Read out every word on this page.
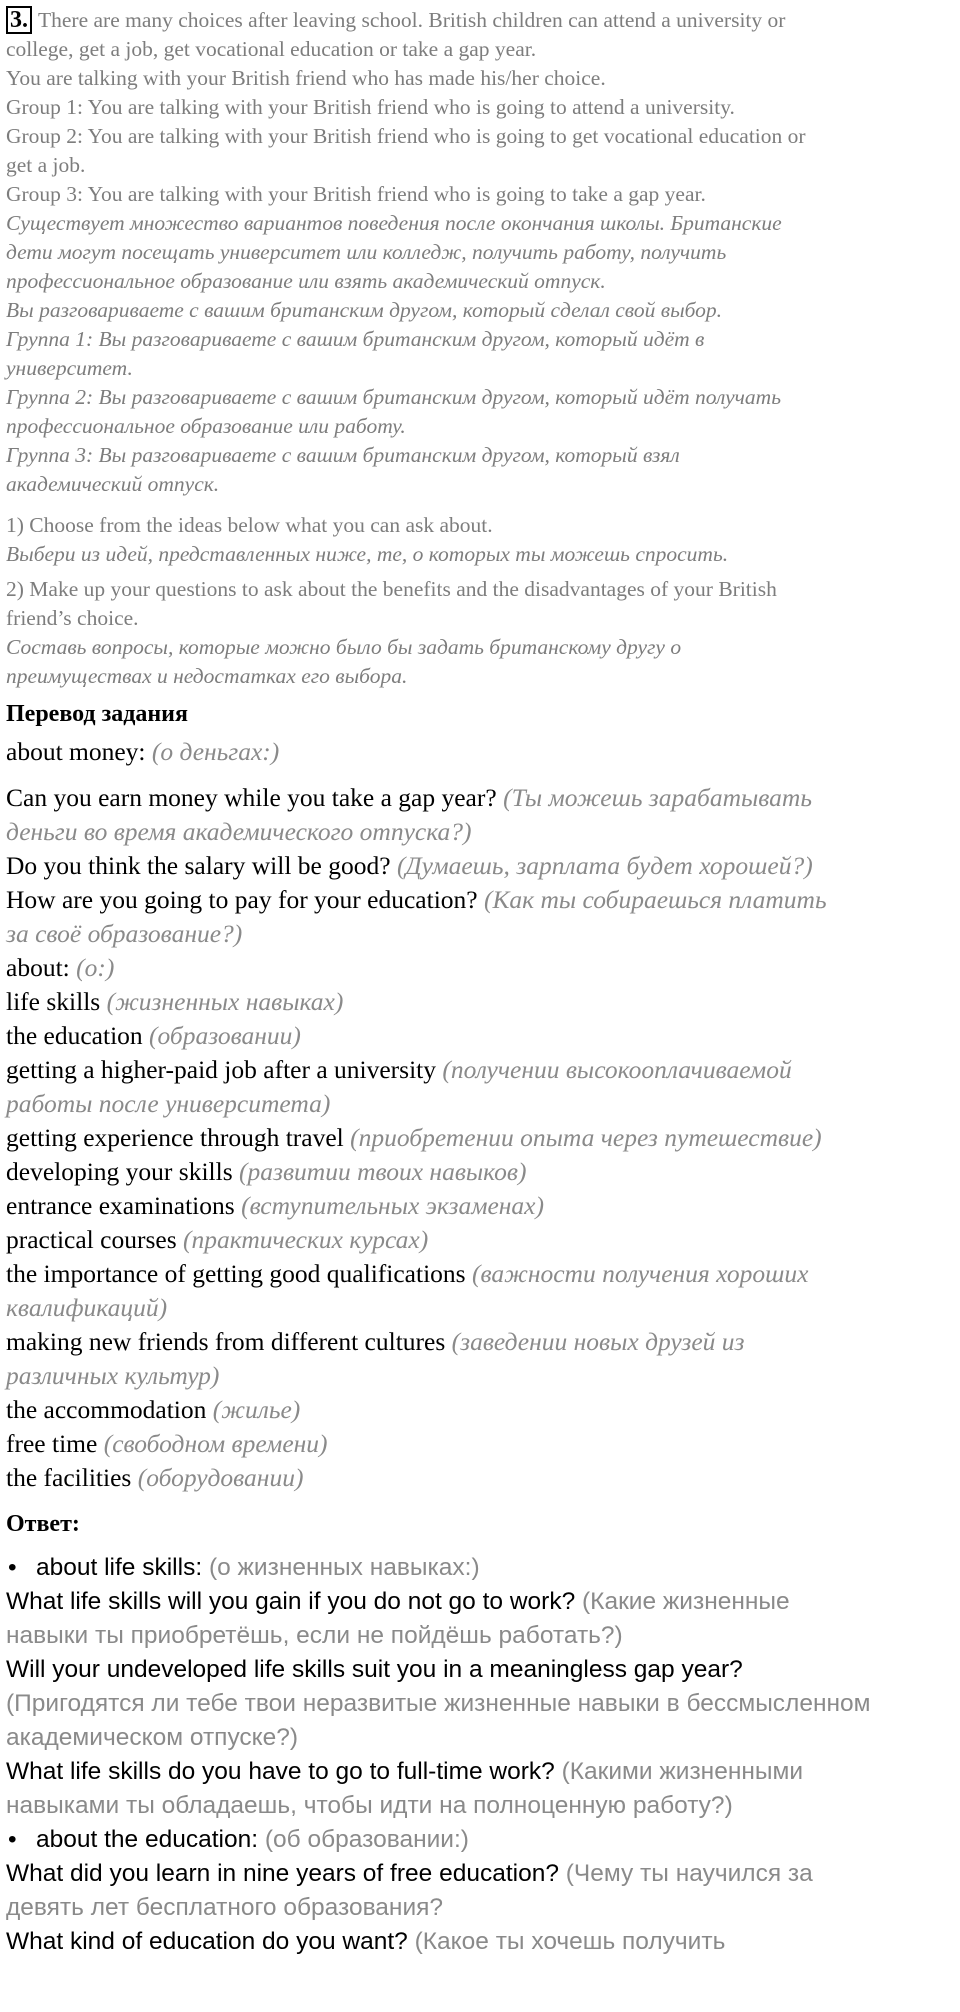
3. There are many choices after leaving school. British children can attend a university or
college, get a job, get vocational education or take a gap year.
You are talking with your British friend who has made his/her choice.
Group 1: You are talking with your British friend who is going to attend a university.
Group 2: You are talking with your British friend who is going to get vocational education or
get a job.
Group 3: You are talking with your British friend who is going to take a gap year.
Существует множество вариантов поведения после окончания школы. Британские
дети могут посещать университет или колледж, получить работу, получить
профессиональное образование или взять академический отпуск.
Вы разговариваете с вашим британским другом, который сделал свой выбор.
Группа 1: Вы разговариваете с вашим британским другом, который идёт в
университет.
Группа 2: Вы разговариваете с вашим британским другом, который идёт получать
профессиональное образование или работу.
Группа 3: Вы разговариваете с вашим британским другом, который взял
академический отпуск.
1) Choose from the ideas below what you can ask about.
Выбери из идей, представленных ниже, те, о которых ты можешь спросить.
2) Make up your questions to ask about the benefits and the disadvantages of your British
friend’s choice.
Составь вопросы, которые можно было бы задать британскому другу о
преимуществах и недостатках его выбора.
Перевод задания
about money: (о деньгах:)
Can you earn money while you take a gap year? (Ты можешь зарабатывать
деньги во время академического отпуска?)
Do you think the salary will be good? (Думаешь, зарплата будет хорошей?)
How are you going to pay for your education? (Как ты собираешься платить
за своё образование?)
about: (о:)
life skills (жизненных навыках)
the education (образовании)
getting a higher-paid job after a university (получении высокооплачиваемой
работы после университета)
getting experience through travel (приобретении опыта через путешествие)
developing your skills (развитии твоих навыков)
entrance examinations (вступительных экзаменах)
practical courses (практических курсах)
the importance of getting good qualifications (важности получения хороших
квалификаций)
making new friends from different cultures (заведении новых друзей из
различных культур)
the accommodation (жилье)
free time (свободном времени)
the facilities (оборудовании)
Ответ:
• about life skills: (о жизненных навыках:)
What life skills will you gain if you do not go to work? (Какие жизненные
навыки ты приобретёшь, если не пойдёшь работать?)
Will your undeveloped life skills suit you in a meaningless gap year?
(Пригодятся ли тебе твои неразвитые жизненные навыки в бессмысленном
академическом отпуске?)
What life skills do you have to go to full-time work? (Какими жизненными
навыками ты обладаешь, чтобы идти на полноценную работу?)
• about the education: (об образовании:)
What did you learn in nine years of free education? (Чему ты научился за
девять лет бесплатного образования?
What kind of education do you want? (Какое ты хочешь получить
